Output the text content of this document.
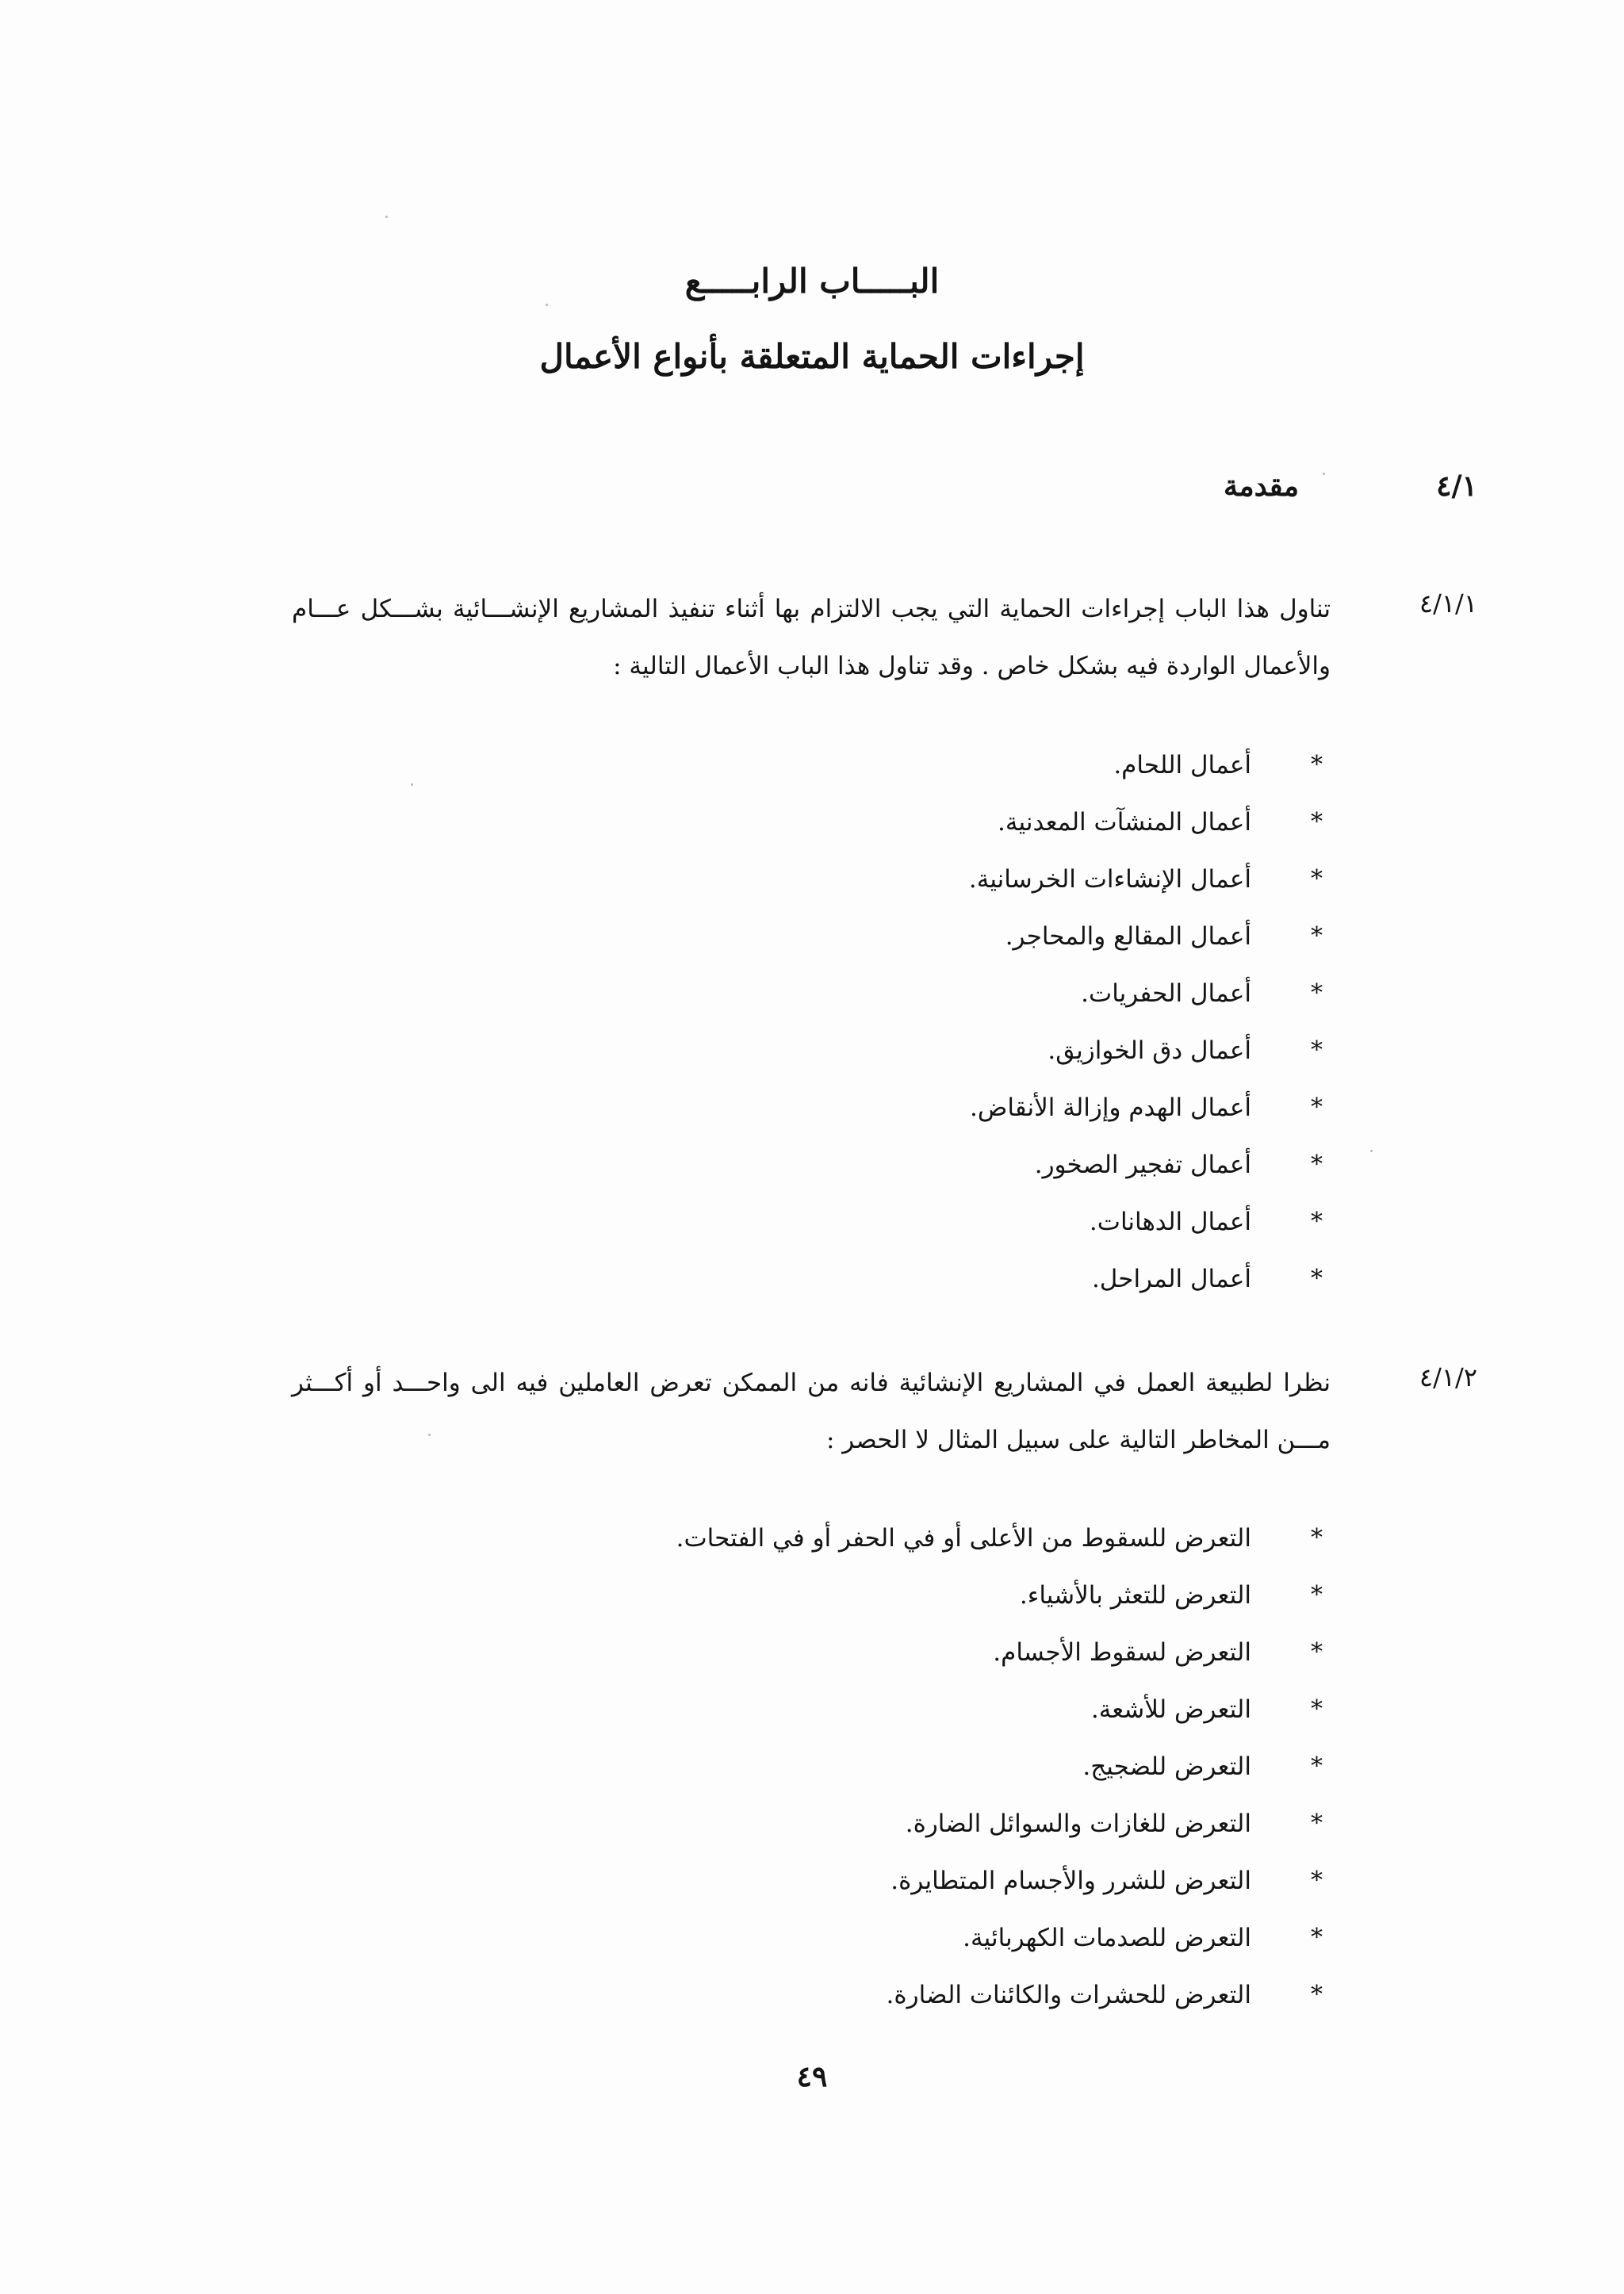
البـــــاب الرابـــــع
إجراءات الحماية المتعلقة بأنواع الأعمال
٤/١
مقدمة
٤/١/١
تناول هذا الباب إجراءات الحماية التي يجب الالتزام بها أثناء تنفيذ المشاريع الإنشـــائية بشـــكل عـــام والأعمال الواردة فيه بشكل خاص . وقد تناول هذا الباب الأعمال التالية :
*
أعمال اللحام.
*
أعمال المنشآت المعدنية.
*
أعمال الإنشاءات الخرسانية.
*
أعمال المقالع والمحاجر.
*
أعمال الحفريات.
*
أعمال دق الخوازيق.
*
أعمال الهدم وإزالة الأنقاض.
*
أعمال تفجير الصخور.
*
أعمال الدهانات.
*
أعمال المراحل.
٤/١/٢
نظرا لطبيعة العمل في المشاريع الإنشائية فانه من الممكن تعرض العاملين فيه الى واحـــد أو أكـــثر مـــن المخاطر التالية على سبيل المثال لا الحصر :
*
التعرض للسقوط من الأعلى أو في الحفر أو في الفتحات.
*
التعرض للتعثر بالأشياء.
*
التعرض لسقوط الأجسام.
*
التعرض للأشعة.
*
التعرض للضجيج.
*
التعرض للغازات والسوائل الضارة.
*
التعرض للشرر والأجسام المتطايرة.
*
التعرض للصدمات الكهربائية.
*
التعرض للحشرات والكائنات الضارة.
٤٩
